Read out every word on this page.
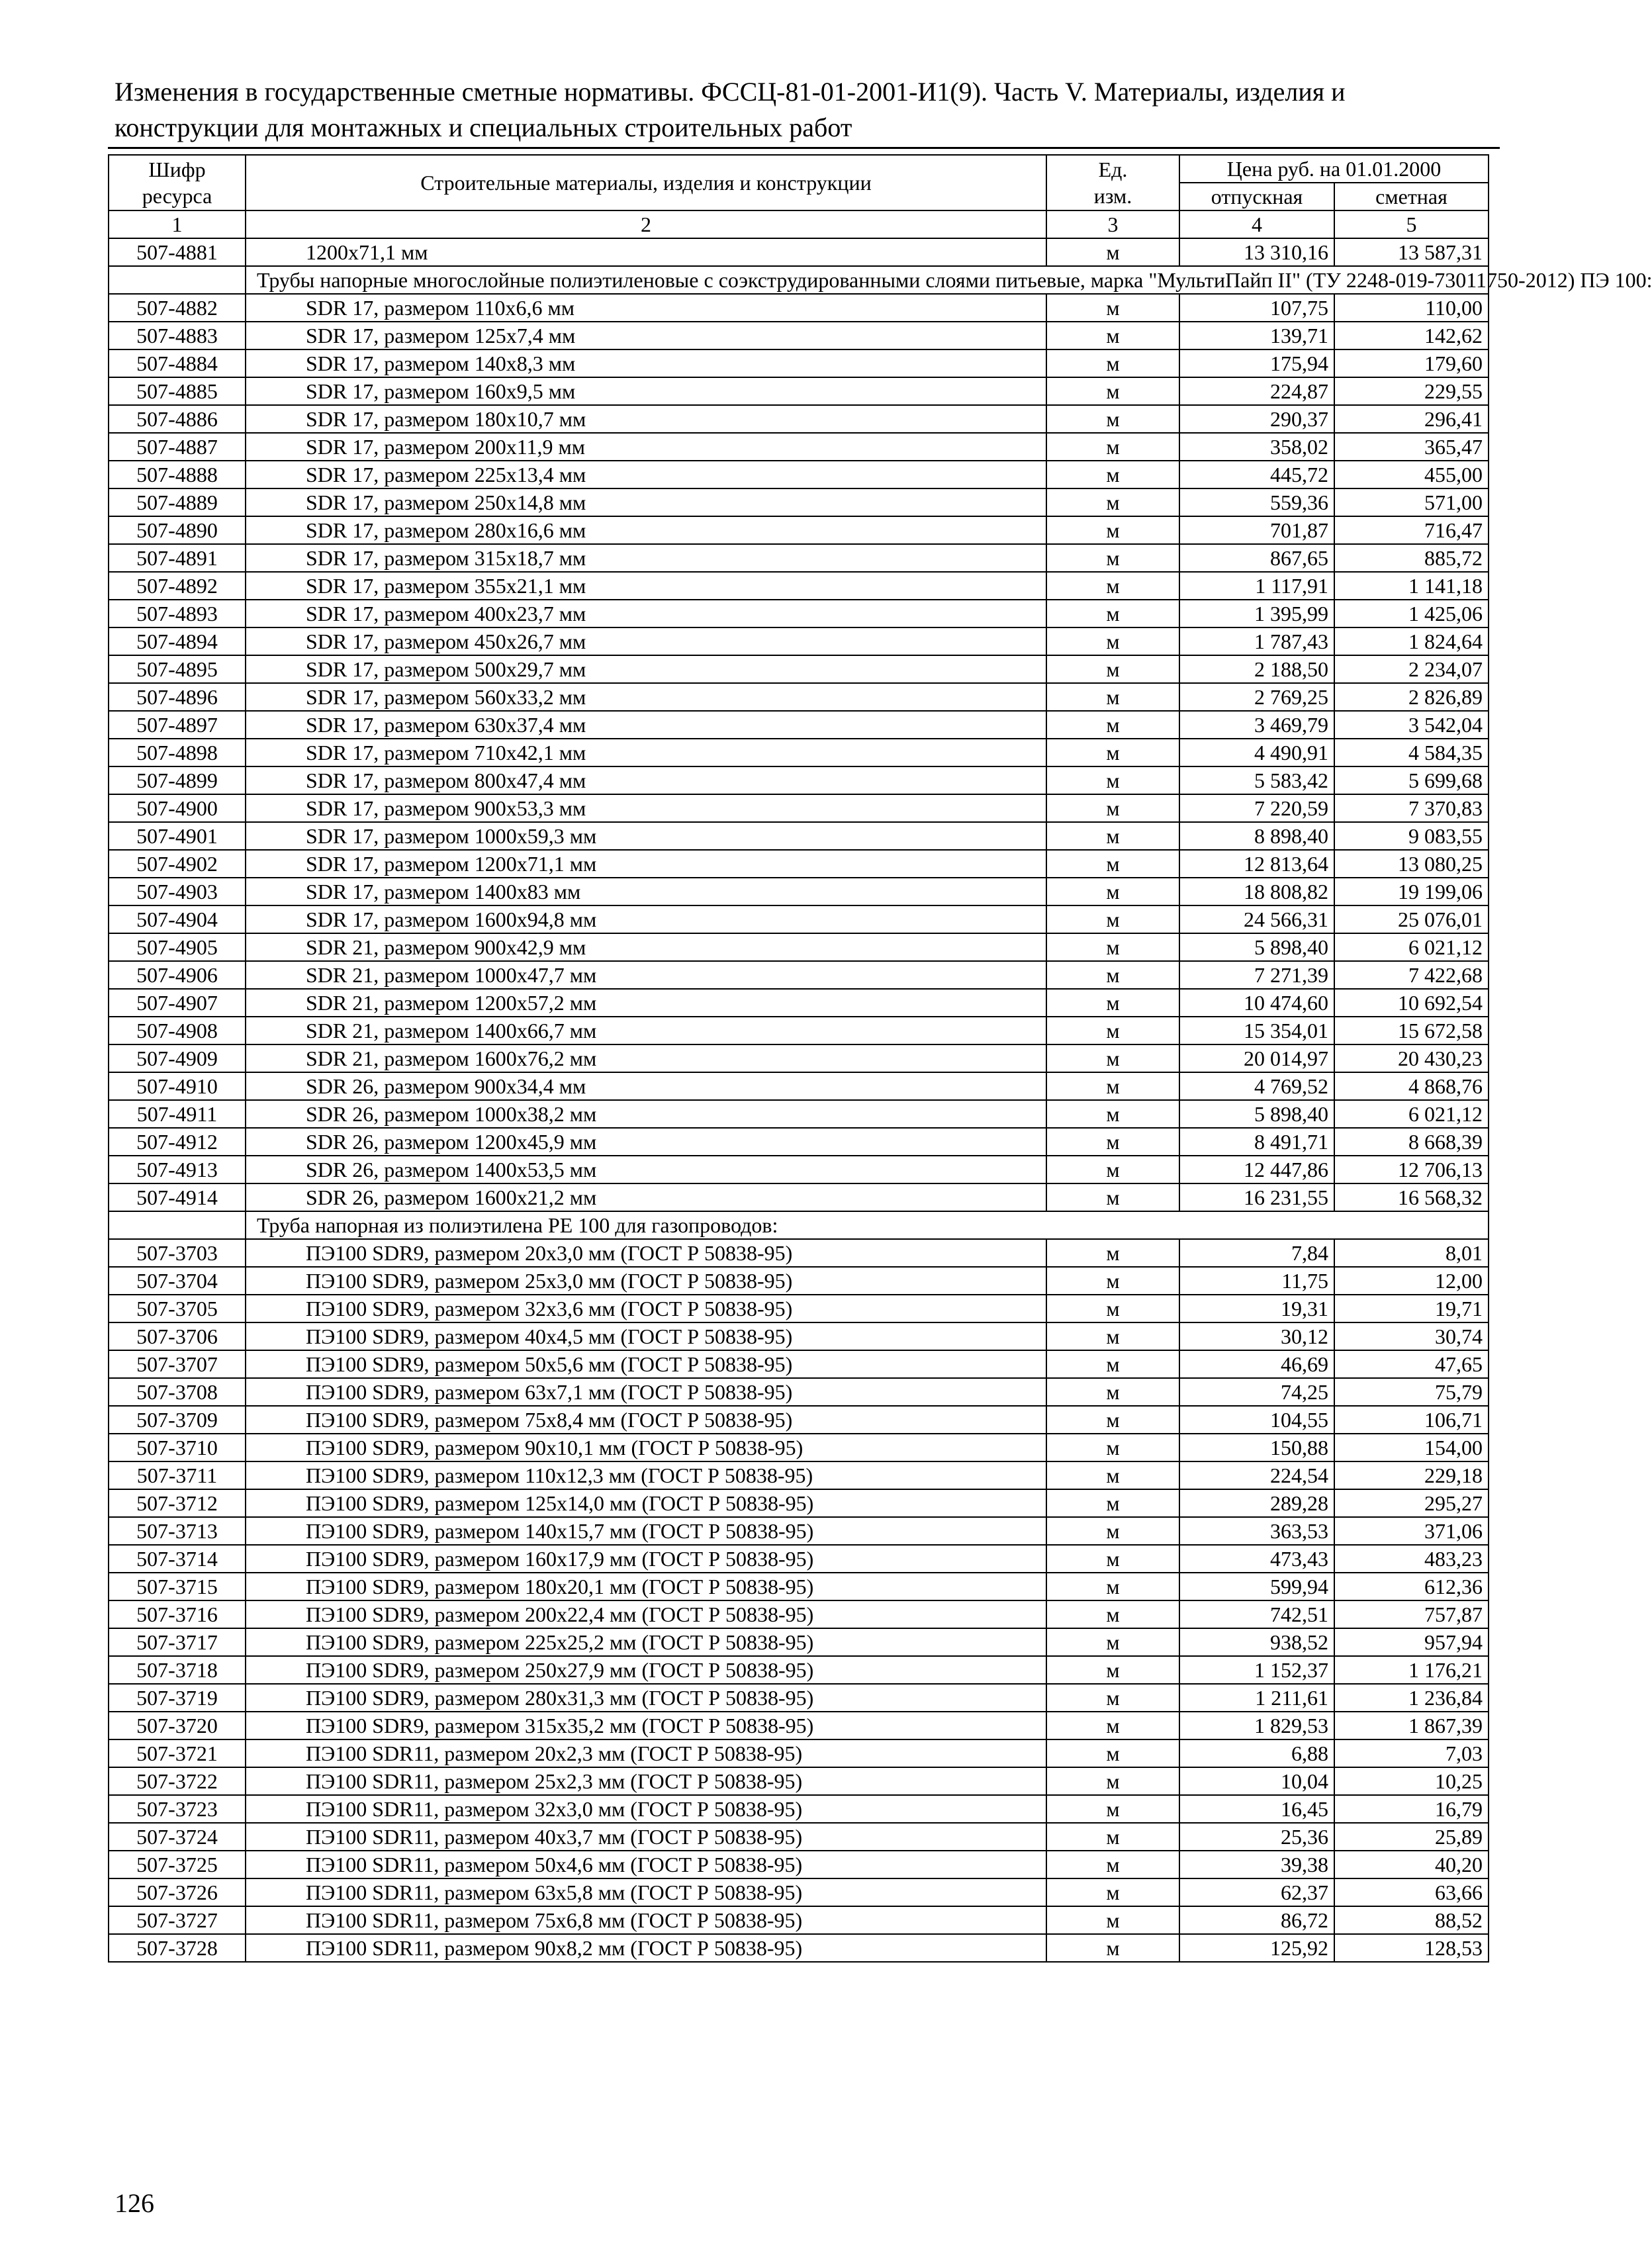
Изменения в государственные сметные нормативы. ФССЦ-81-01-2001-И1(9). Часть V. Материалы, изделия и
конструкции для монтажных и специальных строительных работ
Шифр ресурса	Строительные материалы, изделия и конструкции	Ед. изм.	Цена руб. на 01.01.2000	
			отпускная	сметная
1	2	3	4	5
507-4881	1200х71,1 мм	м	13 310,16	13 587,31
	Трубы напорные многослойные полиэтиленовые с соэкструдированными слоями питьевые, марка "МультиПайп II" (ТУ 2248-019-73011750-2012) ПЭ 100:			
507-4882	SDR 17, размером 110х6,6 мм	м	107,75	110,00
507-4883	SDR 17, размером 125х7,4 мм	м	139,71	142,62
507-4884	SDR 17, размером 140х8,3 мм	м	175,94	179,60
507-4885	SDR 17, размером 160х9,5 мм	м	224,87	229,55
507-4886	SDR 17, размером 180х10,7 мм	м	290,37	296,41
507-4887	SDR 17, размером 200х11,9 мм	м	358,02	365,47
507-4888	SDR 17, размером 225х13,4 мм	м	445,72	455,00
507-4889	SDR 17, размером 250х14,8 мм	м	559,36	571,00
507-4890	SDR 17, размером 280х16,6 мм	м	701,87	716,47
507-4891	SDR 17, размером 315х18,7 мм	м	867,65	885,72
507-4892	SDR 17, размером 355х21,1 мм	м	1 117,91	1 141,18
507-4893	SDR 17, размером 400х23,7 мм	м	1 395,99	1 425,06
507-4894	SDR 17, размером 450х26,7 мм	м	1 787,43	1 824,64
507-4895	SDR 17, размером 500х29,7 мм	м	2 188,50	2 234,07
507-4896	SDR 17, размером 560х33,2 мм	м	2 769,25	2 826,89
507-4897	SDR 17, размером 630х37,4 мм	м	3 469,79	3 542,04
507-4898	SDR 17, размером 710х42,1 мм	м	4 490,91	4 584,35
507-4899	SDR 17, размером 800х47,4 мм	м	5 583,42	5 699,68
507-4900	SDR 17, размером 900х53,3 мм	м	7 220,59	7 370,83
507-4901	SDR 17, размером 1000х59,3 мм	м	8 898,40	9 083,55
507-4902	SDR 17, размером 1200х71,1 мм	м	12 813,64	13 080,25
507-4903	SDR 17, размером 1400х83 мм	м	18 808,82	19 199,06
507-4904	SDR 17, размером 1600х94,8 мм	м	24 566,31	25 076,01
507-4905	SDR 21, размером 900х42,9 мм	м	5 898,40	6 021,12
507-4906	SDR 21, размером 1000х47,7 мм	м	7 271,39	7 422,68
507-4907	SDR 21, размером 1200х57,2 мм	м	10 474,60	10 692,54
507-4908	SDR 21, размером 1400х66,7 мм	м	15 354,01	15 672,58
507-4909	SDR 21, размером 1600х76,2 мм	м	20 014,97	20 430,23
507-4910	SDR 26, размером 900х34,4 мм	м	4 769,52	4 868,76
507-4911	SDR 26, размером 1000х38,2 мм	м	5 898,40	6 021,12
507-4912	SDR 26, размером 1200х45,9 мм	м	8 491,71	8 668,39
507-4913	SDR 26, размером 1400х53,5 мм	м	12 447,86	12 706,13
507-4914	SDR 26, размером 1600х21,2 мм	м	16 231,55	16 568,32
	Труба напорная из полиэтилена PE 100 для газопроводов:			
507-3703	ПЭ100 SDR9, размером 20х3,0 мм (ГОСТ Р 50838-95)	м	7,84	8,01
507-3704	ПЭ100 SDR9, размером 25х3,0 мм (ГОСТ Р 50838-95)	м	11,75	12,00
507-3705	ПЭ100 SDR9, размером 32х3,6 мм (ГОСТ Р 50838-95)	м	19,31	19,71
507-3706	ПЭ100 SDR9, размером 40х4,5 мм (ГОСТ Р 50838-95)	м	30,12	30,74
507-3707	ПЭ100 SDR9, размером 50х5,6 мм (ГОСТ Р 50838-95)	м	46,69	47,65
507-3708	ПЭ100 SDR9, размером 63х7,1 мм (ГОСТ Р 50838-95)	м	74,25	75,79
507-3709	ПЭ100 SDR9, размером 75х8,4 мм (ГОСТ Р 50838-95)	м	104,55	106,71
507-3710	ПЭ100 SDR9, размером 90х10,1 мм (ГОСТ Р 50838-95)	м	150,88	154,00
507-3711	ПЭ100 SDR9, размером 110х12,3 мм (ГОСТ Р 50838-95)	м	224,54	229,18
507-3712	ПЭ100 SDR9, размером 125х14,0 мм (ГОСТ Р 50838-95)	м	289,28	295,27
507-3713	ПЭ100 SDR9, размером 140х15,7 мм (ГОСТ Р 50838-95)	м	363,53	371,06
507-3714	ПЭ100 SDR9, размером 160х17,9 мм (ГОСТ Р 50838-95)	м	473,43	483,23
507-3715	ПЭ100 SDR9, размером 180х20,1 мм (ГОСТ Р 50838-95)	м	599,94	612,36
507-3716	ПЭ100 SDR9, размером 200х22,4 мм (ГОСТ Р 50838-95)	м	742,51	757,87
507-3717	ПЭ100 SDR9, размером 225х25,2 мм (ГОСТ Р 50838-95)	м	938,52	957,94
507-3718	ПЭ100 SDR9, размером 250х27,9 мм (ГОСТ Р 50838-95)	м	1 152,37	1 176,21
507-3719	ПЭ100 SDR9, размером 280х31,3 мм (ГОСТ Р 50838-95)	м	1 211,61	1 236,84
507-3720	ПЭ100 SDR9, размером 315х35,2 мм (ГОСТ Р 50838-95)	м	1 829,53	1 867,39
507-3721	ПЭ100 SDR11, размером 20х2,3 мм (ГОСТ Р 50838-95)	м	6,88	7,03
507-3722	ПЭ100 SDR11, размером 25х2,3 мм (ГОСТ Р 50838-95)	м	10,04	10,25
507-3723	ПЭ100 SDR11, размером 32х3,0 мм (ГОСТ Р 50838-95)	м	16,45	16,79
507-3724	ПЭ100 SDR11, размером 40х3,7 мм (ГОСТ Р 50838-95)	м	25,36	25,89
507-3725	ПЭ100 SDR11, размером 50х4,6 мм (ГОСТ Р 50838-95)	м	39,38	40,20
507-3726	ПЭ100 SDR11, размером 63х5,8 мм (ГОСТ Р 50838-95)	м	62,37	63,66
507-3727	ПЭ100 SDR11, размером 75х6,8 мм (ГОСТ Р 50838-95)	м	86,72	88,52
507-3728	ПЭ100 SDR11, размером 90х8,2 мм (ГОСТ Р 50838-95)	м	125,92	128,53
126
